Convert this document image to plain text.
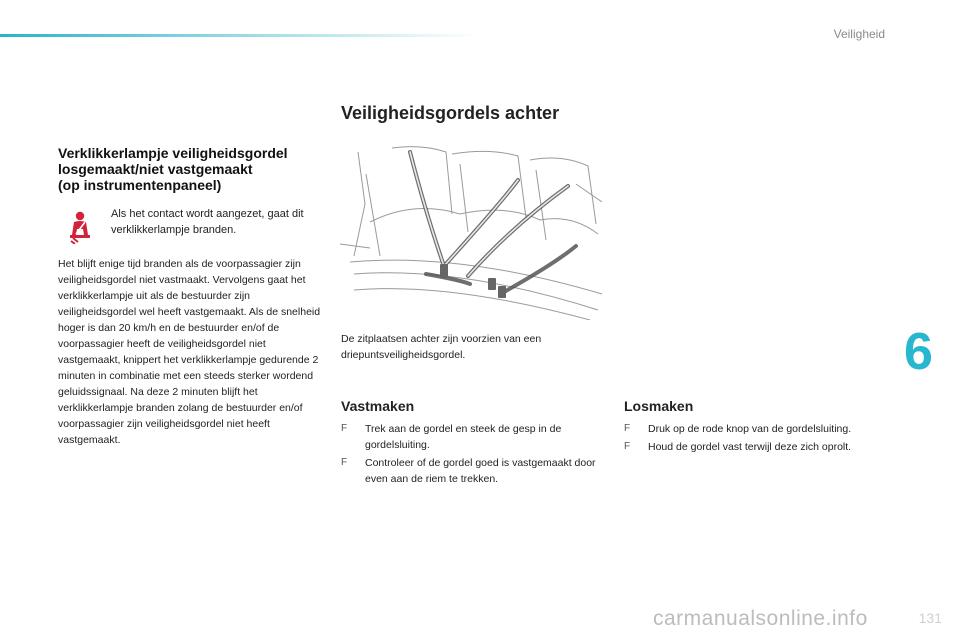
Veiligheid
6
131
Veiligheidsgordels achter
Verklikkerlampje veiligheidsgordel
losgemaakt/niet vastgemaakt
(op instrumentenpaneel)

Als het contact wordt aangezet, gaat dit verklikkerlampje branden.

Het blijft enige tijd branden als de voorpassagier zijn veiligheidsgordel niet vastmaakt. Vervolgens gaat het verklikkerlampje uit als de bestuurder zijn veiligheidsgordel wel heeft vastgemaakt. Als de snelheid hoger is dan 20 km/h en de bestuurder en/of de voorpassagier heeft de veiligheidsgordel niet vastgemaakt, knippert het verklikkerlampje gedurende 2 minuten in combinatie met een steeds sterker wordend geluidssignaal. Na deze 2 minuten blijft het verklikkerlampje branden zolang de bestuurder en/of voorpassagier zijn veiligheidsgordel niet heeft vastgemaakt.

De zitplaatsen achter zijn voorzien van een driepuntsveiligheidsgordel.

Vastmaken
F Trek aan de gordel en steek de gesp in de gordelsluiting.
F Controleer of de gordel goed is vastgemaakt door even aan de riem te trekken.
Losmaken
F Druk op de rode knop van de gordelsluiting.
F Houd de gordel vast terwijl deze zich oprolt.
carmanualsonline.info
